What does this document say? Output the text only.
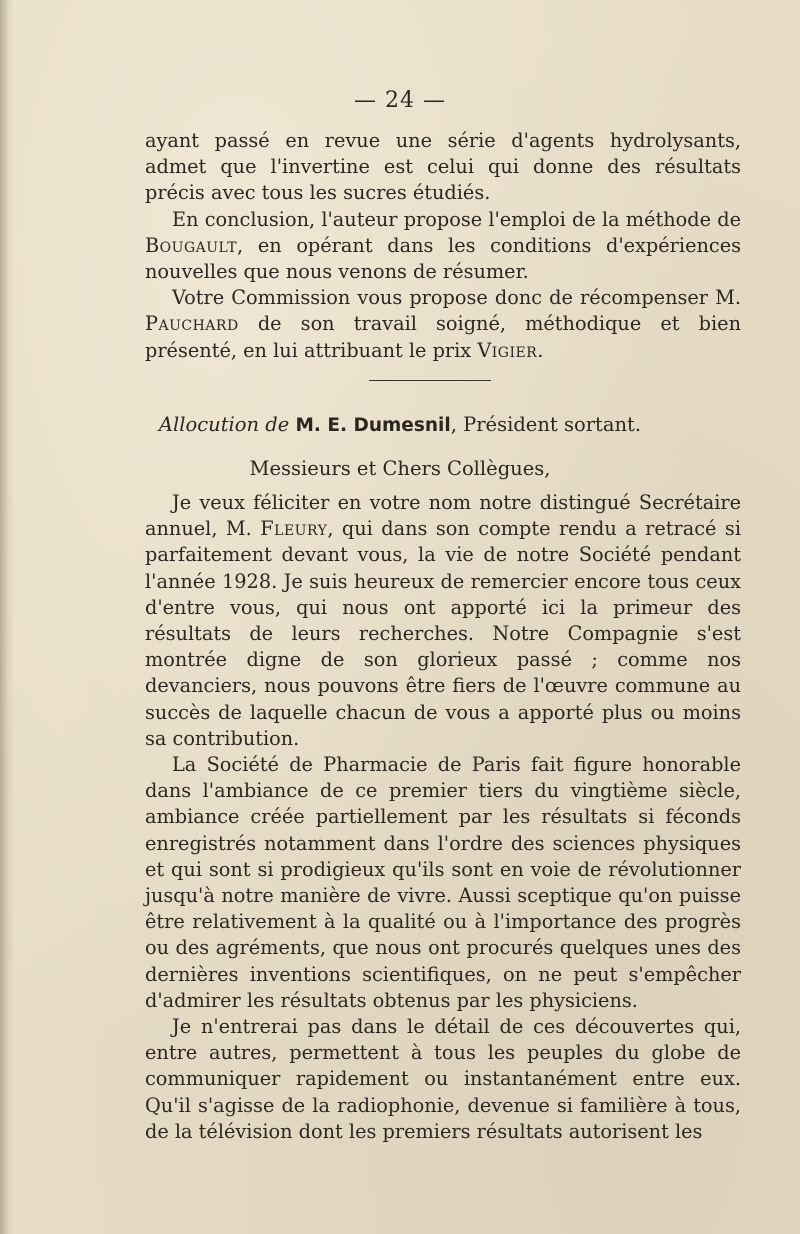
— 24 —

ayant passé en revue une série d'agents hydrolysants, admet que l'invertine est celui qui donne des résultats précis avec tous les sucres étudiés.

En conclusion, l'auteur propose l'emploi de la méthode de Bougault, en opérant dans les conditions d'expériences nouvelles que nous venons de résumer.

Votre Commission vous propose donc de récompenser M. Pauchard de son travail soigné, méthodique et bien présenté, en lui attribuant le prix Vigier.

Allocution de M. E. Dumesnil, Président sortant.
Messieurs et Chers Collègues,

Je veux féliciter en votre nom notre distingué Secrétaire annuel, M. Fleury, qui dans son compte rendu a retracé si parfaitement devant vous, la vie de notre Société pendant l'année 1928. Je suis heureux de remercier encore tous ceux d'entre vous, qui nous ont apporté ici la primeur des résultats de leurs recherches. Notre Compagnie s'est montrée digne de son glorieux passé ; comme nos devanciers, nous pouvons être fiers de l'œuvre commune au succès de laquelle chacun de vous a apporté plus ou moins sa contribution.

La Société de Pharmacie de Paris fait figure honorable dans l'ambiance de ce premier tiers du vingtième siècle, ambiance créée partiellement par les résultats si féconds enregistrés notamment dans l'ordre des sciences physiques et qui sont si prodigieux qu'ils sont en voie de révolutionner jusqu'à notre manière de vivre. Aussi sceptique qu'on puisse être relativement à la qualité ou à l'importance des progrès ou des agréments, que nous ont procurés quelques unes des dernières inventions scientifiques, on ne peut s'empêcher d'admirer les résultats obtenus par les physiciens.

Je n'entrerai pas dans le détail de ces découvertes qui, entre autres, permettent à tous les peuples du globe de communiquer rapidement ou instantanément entre eux. Qu'il s'agisse de la radiophonie, devenue si familière à tous, de la télévision dont les premiers résultats autorisent les
